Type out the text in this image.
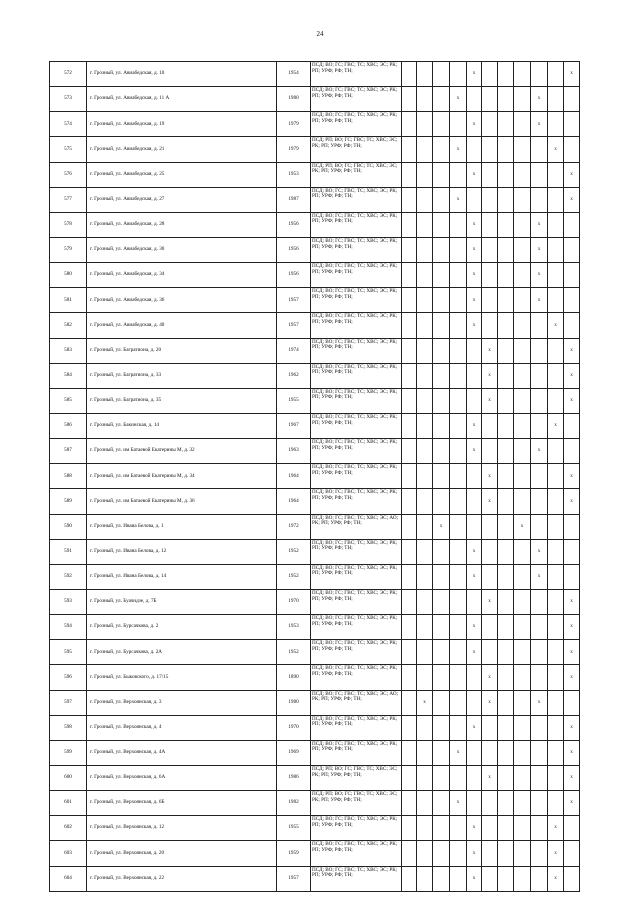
24
572	г. Грозный, ул. Авиабедская, д. 10	1954	ПСД; ВО; ГС; ГВС; ТС; ХВС; ЭС; РК; РП; УРФ; РФ; ТН;					x						x
573	г. Грозный, ул. Авиабедская, д. 11 А	1980	ПСД; ВО; ГС; ГВС; ТС; ХВС; ЭС; РК; РП; УРФ; РФ; ТН;				x					x		
574	г. Грозный, ул. Авиабедская, д. 19	1979	ПСД; ВО; ГС; ГВС; ТС; ХВС; ЭС; РК; РП; УРФ; РФ; ТН;					x				x		
575	г. Грозный, ул. Авиабедская, д. 21	1979	ПСД; РП; ВО; ГС; ГВС; ТС; ХВС; ЭС; РК; РП; УРФ; РФ; ТН;				x						x	
576	г. Грозный, ул. Авиабедская, д. 25	1953	ПСД; РП; ВО; ГС; ГВС; ТС; ХВС; ЭС; РК; РП; УРФ; РФ; ТН;					x						x
577	г. Грозный, ул. Авиабедская, д. 27	1987	ПСД; ВО; ГС; ГВС; ТС; ХВС; ЭС; РК; РП; УРФ; РФ; ТН;				x							x
578	г. Грозный, ул. Авиабедская, д. 28	1956	ПСД; ВО; ГС; ГВС; ТС; ХВС; ЭС; РК; РП; УРФ; РФ; ТН;					x				x		
579	г. Грозный, ул. Авиабедская, д. 30	1956	ПСД; ВО; ГС; ГВС; ТС; ХВС; ЭС; РК; РП; УРФ; РФ; ТН;					x				x		
580	г. Грозный, ул. Авиабедская, д. 34	1956	ПСД; ВО; ГС; ГВС; ТС; ХВС; ЭС; РК; РП; УРФ; РФ; ТН;					x				x		
581	г. Грозный, ул. Авиабедская, д. 36	1957	ПСД; ВО; ГС; ГВС; ТС; ХВС; ЭС; РК; РП; УРФ; РФ; ТН;					x				x		
582	г. Грозный, ул. Авиабедская, д. 40	1957	ПСД; ВО; ГС; ГВС; ТС; ХВС; ЭС; РК; РП; УРФ; РФ; ТН;					x					x	
583	г. Грозный, ул. Багратиона, д. 20	1974	ПСД; ВО; ГС; ГВС; ТС; ХВС; ЭС; РК; РП; УРФ; РФ; ТН;						x					x
584	г. Грозный, ул. Багратиона, д. 33	1962	ПСД; ВО; ГС; ГВС; ТС; ХВС; ЭС; РК; РП; УРФ; РФ; ТН;						x					x
585	г. Грозный, ул. Багратиона, д. 35	1955	ПСД; ВО; ГС; ГВС; ТС; ХВС; ЭС; РК; РП; УРФ; РФ; ТН;						x					x
586	г. Грозный, ул. Бакинская, д. 14	1967	ПСД; ВО; ГС; ГВС; ТС; ХВС; ЭС; РК; РП; УРФ; РФ; ТН;					x					x	
587	г. Грозный, ул. им Батаевой Екатерины М, д. 32	1963	ПСД; ВО; ГС; ГВС; ТС; ХВС; ЭС; РК; РП; УРФ; РФ; ТН;					x				x		
588	г. Грозный, ул. им Батаевой Екатерины М, д. 34	1964	ПСД; ВО; ГС; ГВС; ТС; ХВС; ЭС; РК; РП; УРФ; РФ; ТН;						x					x
589	г. Грозный, ул. им Батаевой Екатерины М, д. 36	1964	ПСД; ВО; ГС; ГВС; ТС; ХВС; ЭС; РК; РП; УРФ; РФ; ТН;						x					x
590	г. Грозный, ул. Ивана Белова, д. 1	1972	ПСД; ВО; ГС; ГВС; ТС; ХВС; ЭС; АО; РК; РП; УРФ; РФ; ТН;			x					x			
591	г. Грозный, ул. Ивана Белова, д. 12	1952	ПСД; ВО; ГС; ГВС; ТС; ХВС; ЭС; РК; РП; УРФ; РФ; ТН;					x				x		
592	г. Грозный, ул. Ивана Белова, д. 14	1952	ПСД; ВО; ГС; ГВС; ТС; ХВС; ЭС; РК; РП; УРФ; РФ; ТН;					x				x		
593	г. Грозный, ул. Буачидзе, д. 7Б	1970	ПСД; ВО; ГС; ГВС; ТС; ХВС; ЭС; РК; РП; УРФ; РФ; ТН;						x					x
594	г. Грозный, ул. Бурсачкова, д. 2	1953	ПСД; ВО; ГС; ГВС; ТС; ХВС; ЭС; РК; РП; УРФ; РФ; ТН;					x						x
595	г. Грозный, ул. Бурсачкова, д. 2А	1952	ПСД; ВО; ГС; ГВС; ТС; ХВС; ЭС; РК; РП; УРФ; РФ; ТН;					x						x
596	г. Грозный, ул. Быковского, д. 17/15	1890	ПСД; ВО; ГС; ГВС; ТС; ХВС; ЭС; РК; РП; УРФ; РФ; ТН;						x					x
597	г. Грозный, ул. Верхоянская, д. 3	1980	ПСД; ВО; ГС; ГВС; ТС; ХВС; ЭС; АО; РК; РП; УРФ; РФ; ТН;		x				x			x		
598	г. Грозный, ул. Верхоянская, д. 4	1970	ПСД; ВО; ГС; ГВС; ТС; ХВС; ЭС; РК; РП; УРФ; РФ; ТН;					x						x
599	г. Грозный, ул. Верхоянская, д. 4А	1969	ПСД; ВО; ГС; ГВС; ТС; ХВС; ЭС; РК; РП; УРФ; РФ; ТН;				x							x
600	г. Грозный, ул. Верхоянская, д. 6А	1986	ПСД; РП; ВО; ГС; ГВС; ТС; ХВС; ЭС; РК; РП; УРФ; РФ; ТН;						x					x
601	г. Грозный, ул. Верхоянская, д. 6Б	1982	ПСД; РП; ВО; ГС; ГВС; ТС; ХВС; ЭС; РК; РП; УРФ; РФ; ТН;				x							x
602	г. Грозный, ул. Верхоянская, д. 12	1955	ПСД; ВО; ГС; ГВС; ТС; ХВС; ЭС; РК; РП; УРФ; РФ; ТН;					x					x	
603	г. Грозный, ул. Верхоянская, д. 20	1959	ПСД; ВО; ГС; ГВС; ТС; ХВС; ЭС; РК; РП; УРФ; РФ; ТН;					x					x	
604	г. Грозный, ул. Верхоянская, д. 22	1957	ПСД; ВО; ГС; ГВС; ТС; ХВС; ЭС; РК; РП; УРФ; РФ; ТН;					x					x	
